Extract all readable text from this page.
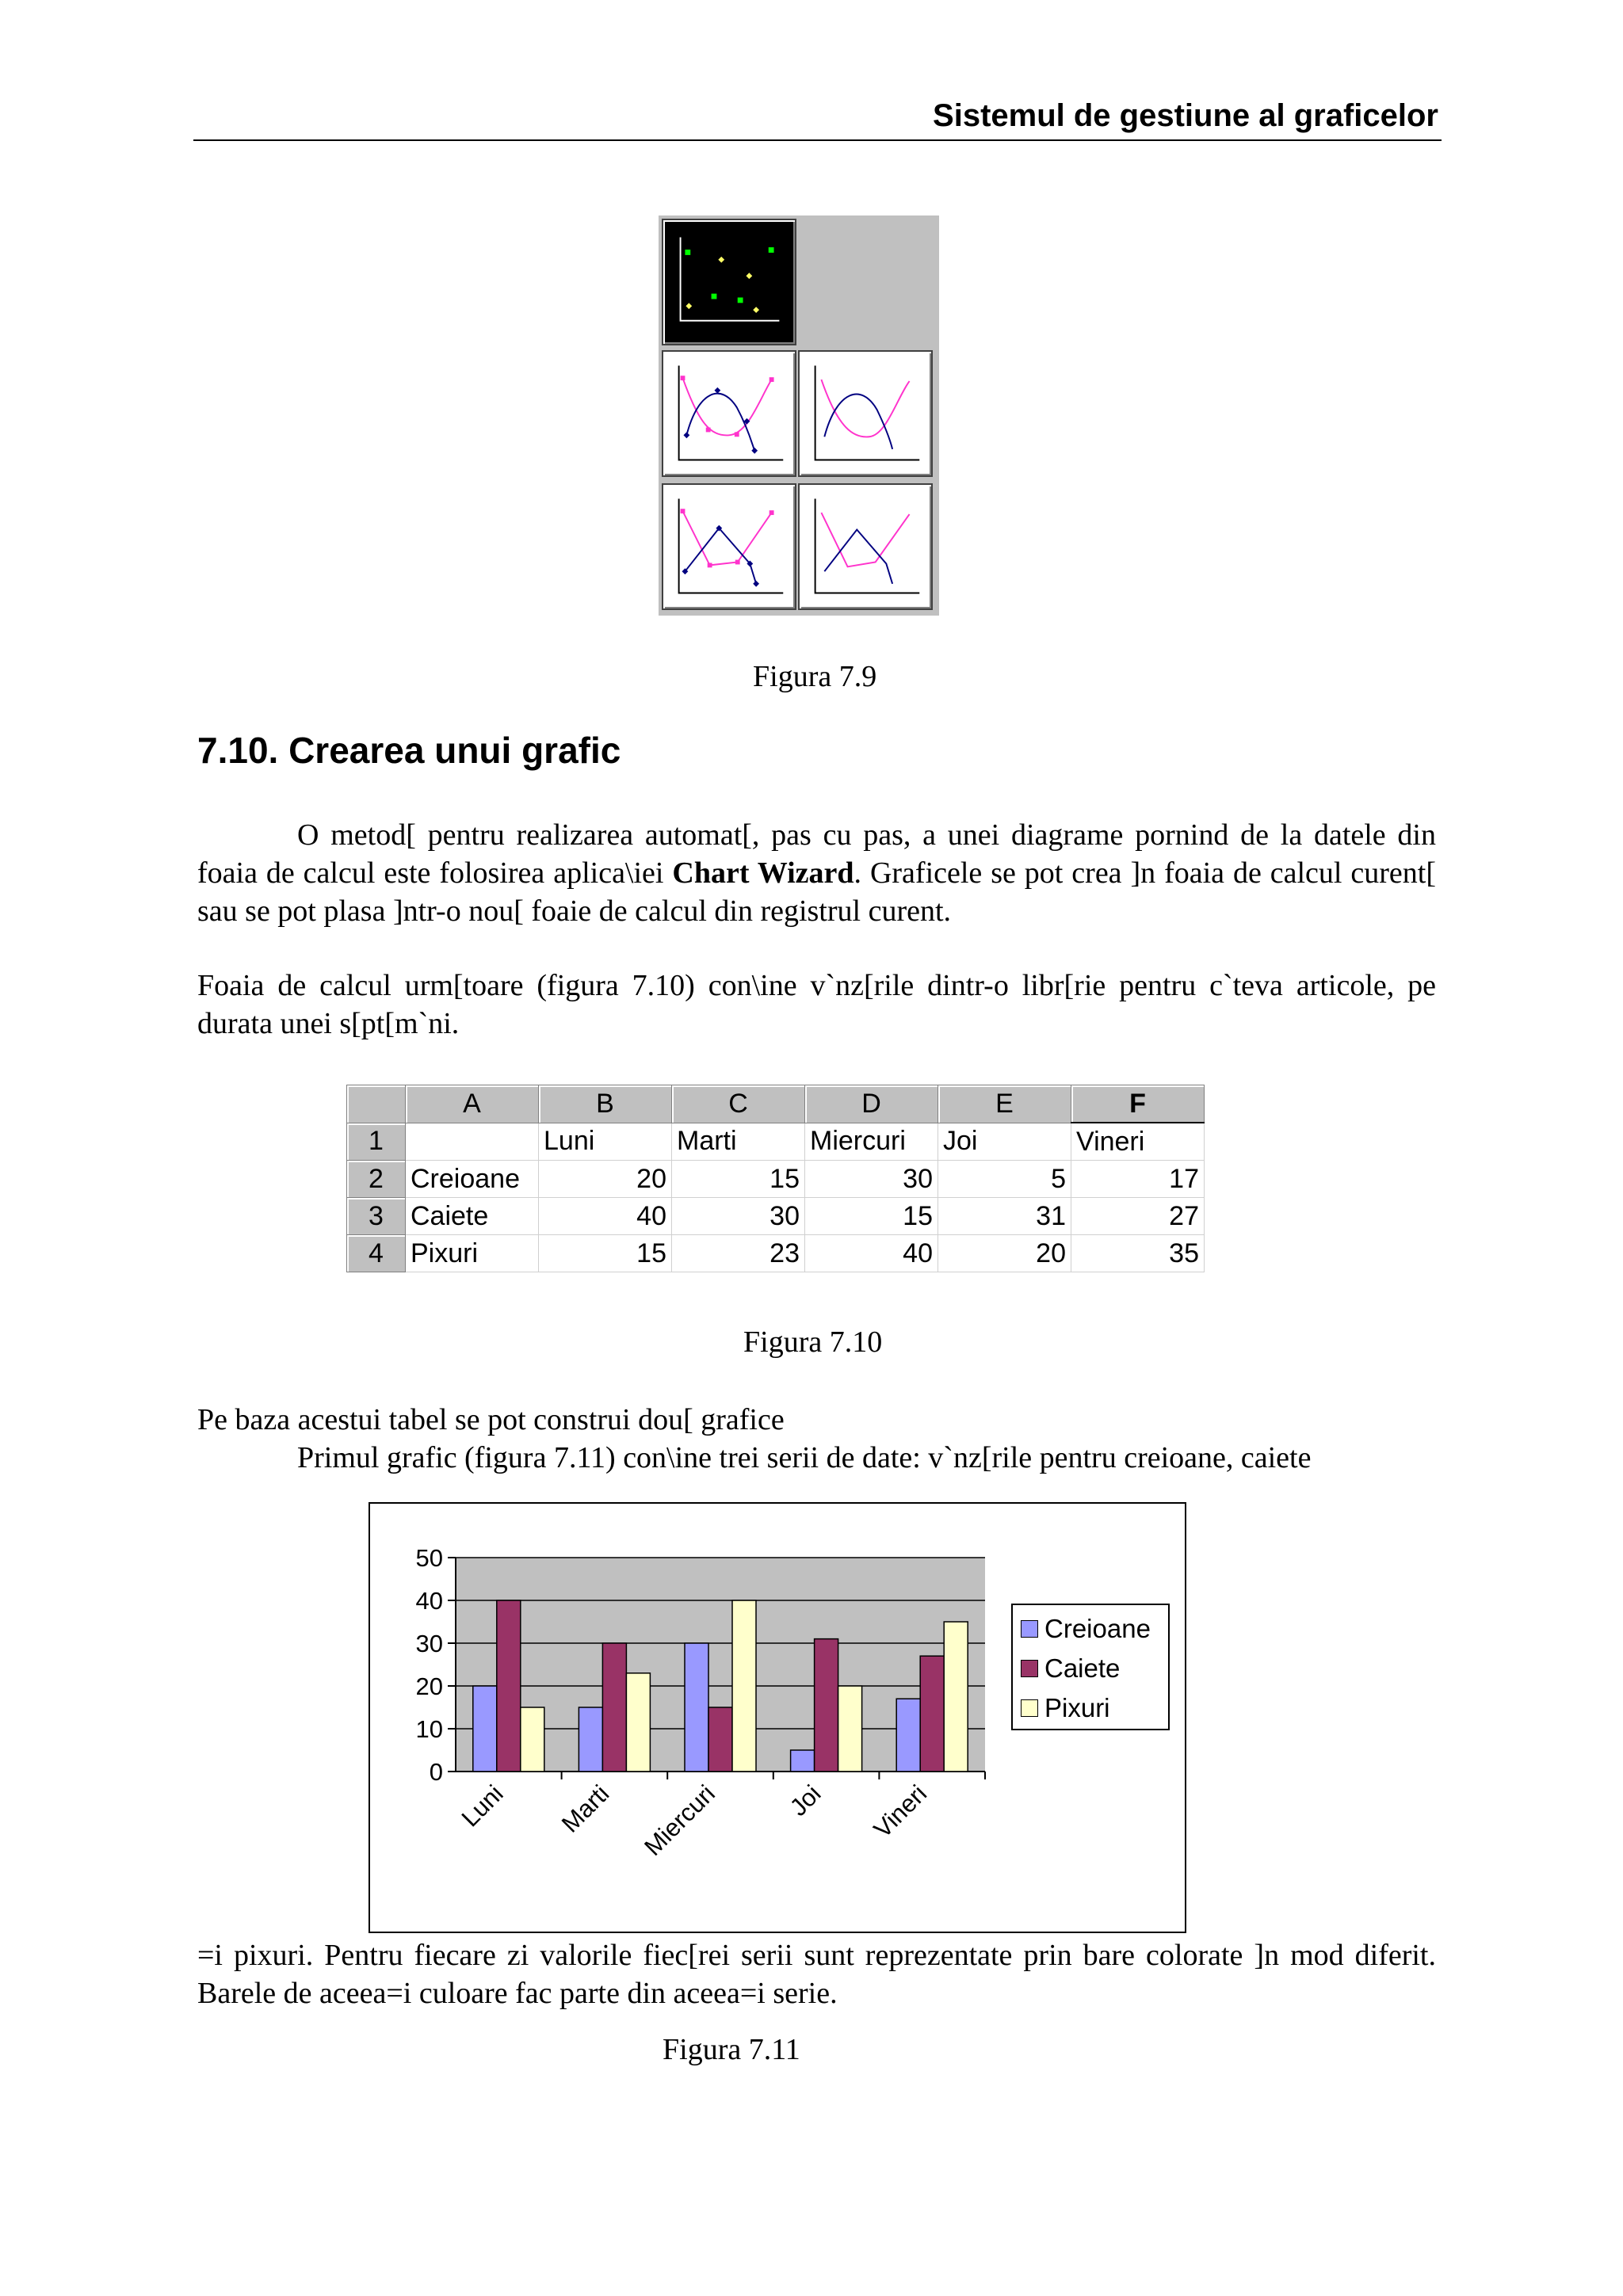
Sistemul de gestiune al graficelor
Figura 7.9
7.10. Crearea unui grafic
O metod[ pentru realizarea automat[, pas cu pas, a unei diagrame pornind de la datele din foaia de calcul este folosirea aplica\iei Chart Wizard. Graficele se pot crea ]n foaia de calcul curent[ sau se pot plasa ]ntr-o nou[ foaie de calcul din registrul curent.
Foaia de calcul urm[toare (figura 7.10) con\ine v`nz[rile dintr-o libr[rie pentru c`teva articole, pe durata unei s[pt[m`ni.
	A	B	C	D	E	F
1		Luni	Marti	Miercuri	Joi	Vineri
2	Creioane	20	15	30	5	17
3	Caiete	40	30	15	31	27
4	Pixuri	15	23	40	20	35
Figura 7.10
Pe baza acestui tabel se pot construi dou[ grafice
Primul grafic (figura 7.11) con\ine trei serii de date: v`nz[rile pentru creioane, caiete
0
10
20
30
40
50
Luni Marti Miercuri	Joi Vineri
Creioane
Caiete
Pixuri
=i pixuri. Pentru fiecare zi valorile fiec[rei serii sunt reprezentate prin bare colorate ]n mod diferit. Barele de aceea=i culoare fac parte din aceea=i serie.
Figura 7.11
